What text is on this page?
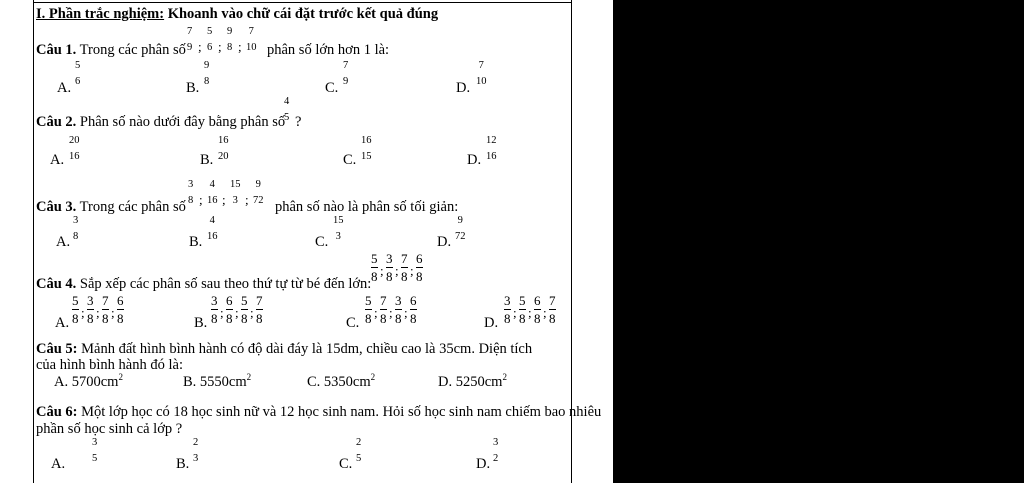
I. Phần trắc nghiệm: Khoanh vào chữ cái đặt trước kết quả đúng
Câu 1. Trong các phân số
7
9 ;
5
6 ;
9
8 ;
7
10 phân số lớn hơn 1 là:
A.
5
6	B.
9
8	C.
7
9	D.
7
10
Câu 2. Phân số nào dưới đây bằng phân số
4
5 ?
A.
20
16	B.
16
20	C.
16
15	D.
12
16
Câu 3. Trong các phân số
3
8 ;
4
16 ;
15
3 ;
9
72 phân số nào là phân số tối giản:
A.
3
8	B.
4
16	C.
15
3	D.
9
72
Câu 4. Sắp xếp các phân số sau theo thứ tự từ bé đến lớn:
5
8 ;
3
8 ;
7
8 ;
6
8
A.
5
8 ;
3
8 ;
7
8 ;
6
8	B.
3
8 ;
6
8 ;
5
8 ;
7
8	C.
5
8 ;
7
8 ;
3
8 ;
6
8	D.
3
8 ;
5
8 ;
6
8 ;
7
8
Câu 5: Mảnh đất hình bình hành có độ dài đáy là 15dm, chiều cao là 35cm. Diện tích
của hình bình hành đó là:
A. $5700cm^2$	B. $5550cm^2$	C. $5350cm^2$	D. $5250cm^2$
Câu 6: Một lớp học có 18 học sinh nữ và 12 học sinh nam. Hỏi số học sinh nam chiếm bao nhiêu
phần số học sinh cả lớp ?
A.
3
5	B.
2
3	C.
2
5	D.
3
2
